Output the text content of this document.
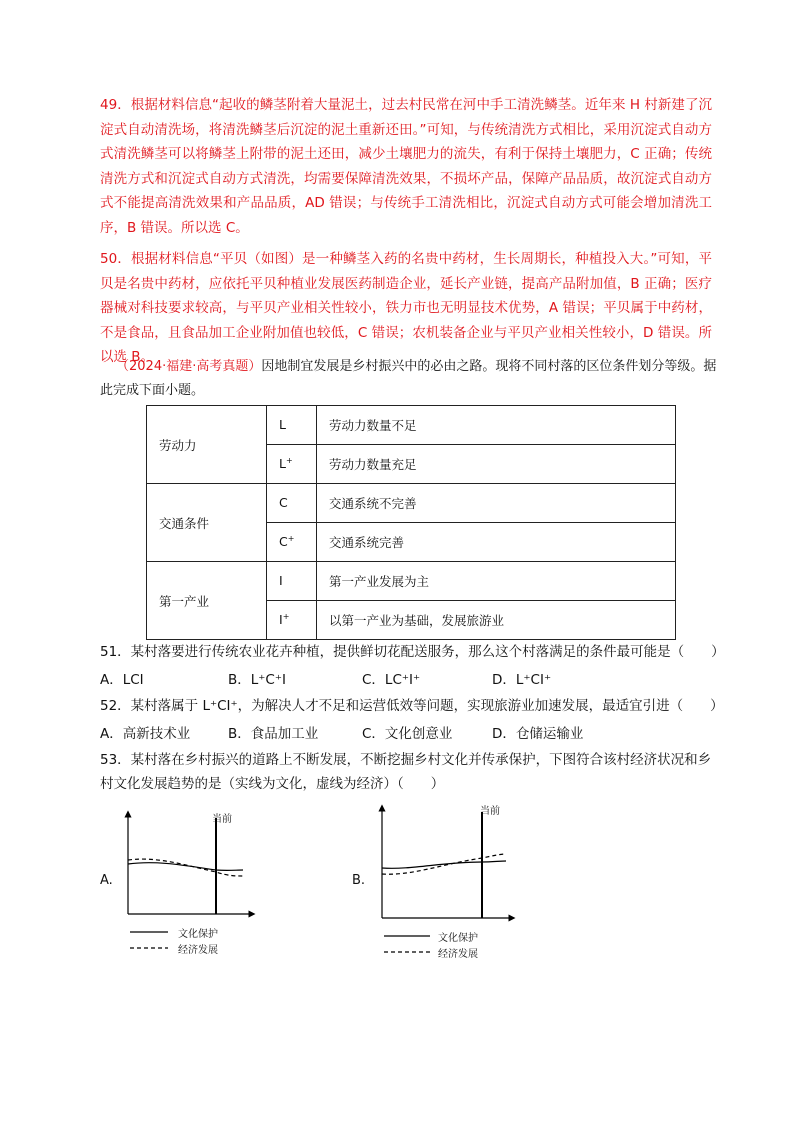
49．根据材料信息“起收的鳞茎附着大量泥土，过去村民常在河中手工清洗鳞茎。近年来 H 村新建了沉淀式自动清洗场，将清洗鳞茎后沉淀的泥土重新还田。”可知，与传统清洗方式相比，采用沉淀式自动方式清洗鳞茎可以将鳞茎上附带的泥土还田，减少土壤肥力的流失，有利于保持土壤肥力，C 正确；传统清洗方式和沉淀式自动方式清洗，均需要保障清洗效果，不损坏产品，保障产品品质，故沉淀式自动方式不能提高清洗效果和产品品质，AD 错误；与传统手工清洗相比，沉淀式自动方式可能会增加清洗工序，B 错误。所以选 C。
50．根据材料信息“平贝（如图）是一种鳞茎入药的名贵中药材，生长周期长，种植投入大。”可知，平贝是名贵中药材，应依托平贝种植业发展医药制造企业，延长产业链，提高产品附加值，B 正确；医疗器械对科技要求较高，与平贝产业相关性较小，铁力市也无明显技术优势，A 错误；平贝属于中药材，不是食品，且食品加工企业附加值也较低，C 错误；农机装备企业与平贝产业相关性较小，D 错误。所以选 B。
（2024·福建·高考真题）因地制宜发展是乡村振兴中的必由之路。现将不同村落的区位条件划分等级。据此完成下面小题。
劳动力	L	劳动力数量不足
	L+	劳动力数量充足
交通条件	C	交通系统不完善
	C+	交通系统完善
第一产业	I	第一产业发展为主
	I+	以第一产业为基础，发展旅游业
51．某村落要进行传统农业花卉种植，提供鲜切花配送服务，那么这个村落满足的条件最可能是（　　）
A．LCI	B．L⁺C⁺I	C．LC⁺I⁺	D．L⁺CI⁺
52．某村落属于 L⁺CI⁺，为解决人才不足和运营低效等问题，实现旅游业加速发展，最适宜引进（　　）
A．高新技术业	B．食品加工业	C．文化创意业	D．仓储运输业
53．某村落在乡村振兴的道路上不断发展，不断挖掘乡村文化并传承保护，下图符合该村经济状况和乡村文化发展趋势的是（实线为文化，虚线为经济）（　　）
A.
当前
文化保护
经济发展
B.
当前
文化保护
经济发展
